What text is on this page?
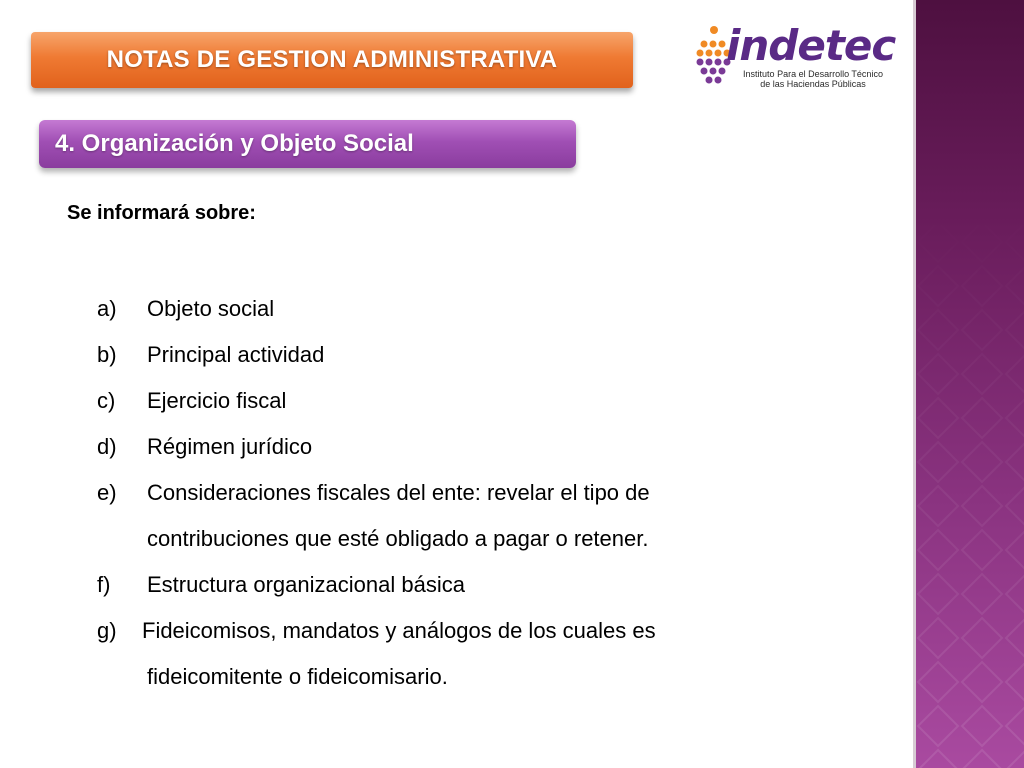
NOTAS DE GESTION ADMINISTRATIVA	indetec
Instituto Para el Desarrollo Técnico
de las Haciendas Públicas
4. Organización y Objeto Social
Se informará sobre:
a)	Objeto social
b)	Principal actividad
c)	Ejercicio fiscal
d)	Régimen jurídico
e)	Consideraciones fiscales del ente: revelar el tipo de
contribuciones que esté obligado a pagar o retener.
f)	Estructura organizacional básica
g)	Fideicomisos, mandatos y análogos de los cuales es
fideicomitente o fideicomisario.
